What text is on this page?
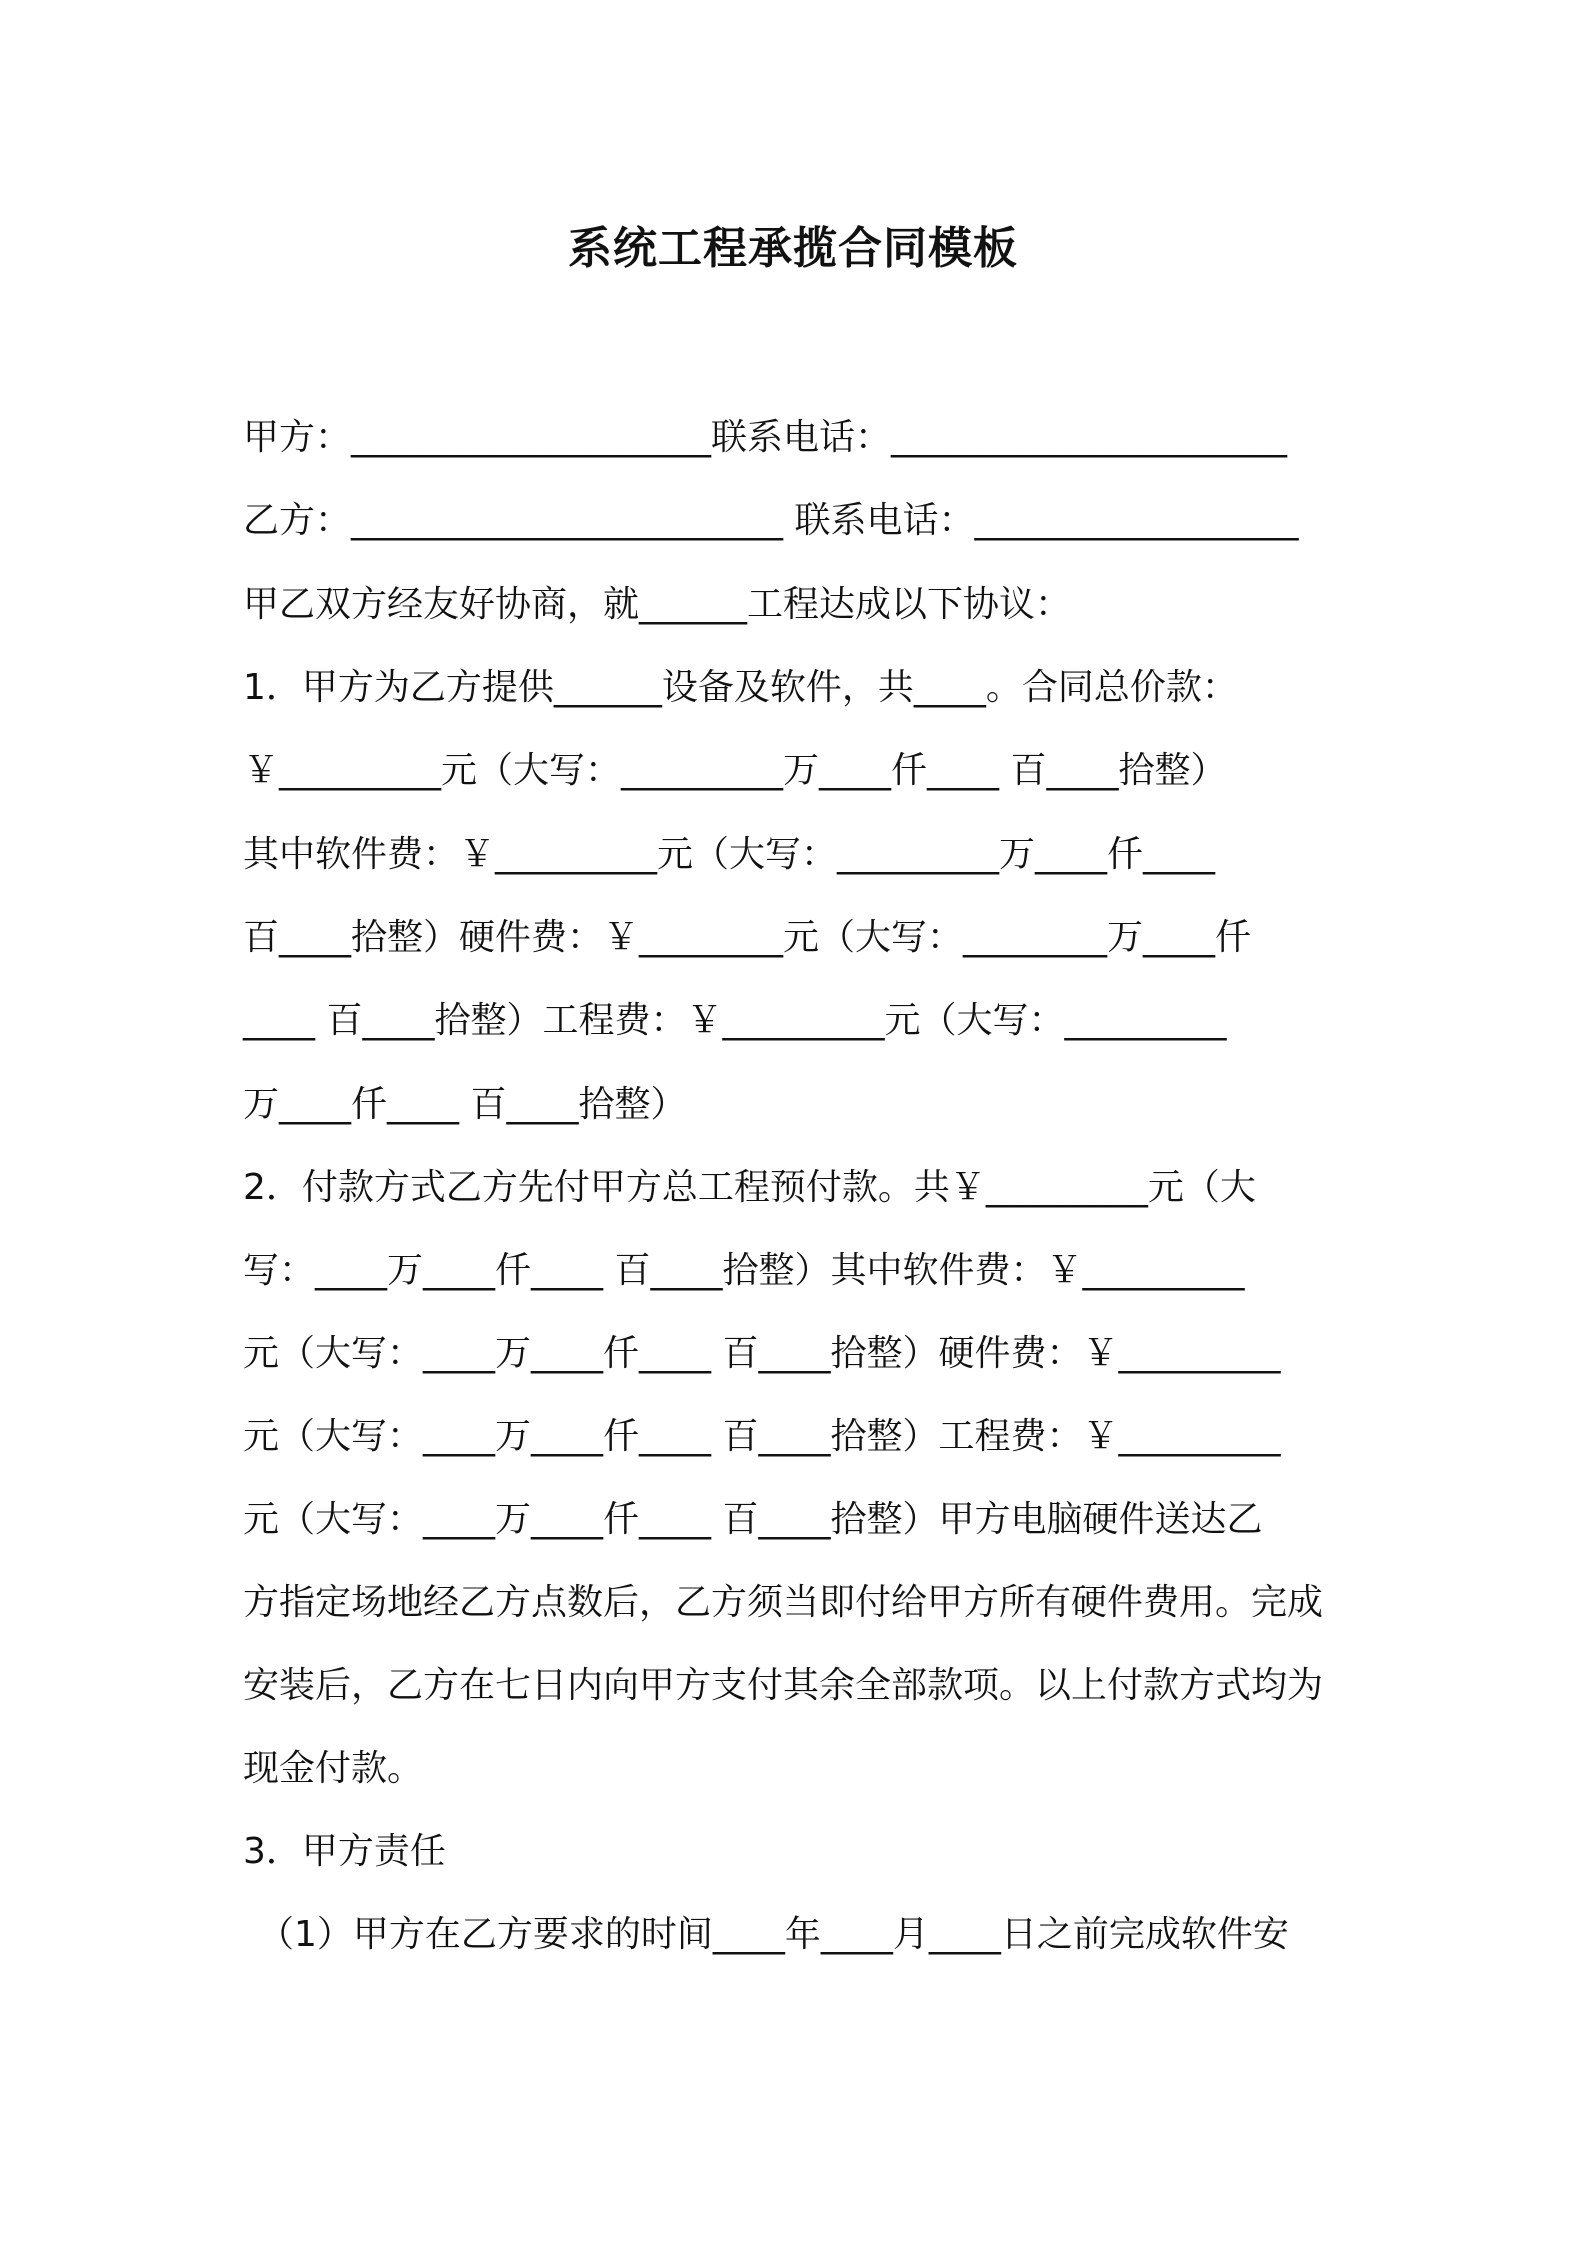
系统工程承揽合同模板
甲方：____________________联系电话：______________________
乙方：________________________ 联系电话：__________________
甲乙双方经友好协商，就______工程达成以下协议：
1．甲方为乙方提供______设备及软件，共____。合同总价款：
￥_________元（大写：_________万____仟____ 百____拾整）
其中软件费：￥_________元（大写：_________万____仟____
百____拾整）硬件费：￥________元（大写：________万____仟
____ 百____拾整）工程费：￥_________元（大写：_________
万____仟____ 百____拾整）
2．付款方式乙方先付甲方总工程预付款。共￥_________元（大
写：____万____仟____ 百____拾整）其中软件费：￥_________
元（大写：____万____仟____ 百____拾整）硬件费：￥_________
元（大写：____万____仟____ 百____拾整）工程费：￥_________
元（大写：____万____仟____ 百____拾整）甲方电脑硬件送达乙
方指定场地经乙方点数后，乙方须当即付给甲方所有硬件费用。完成
安装后，乙方在七日内向甲方支付其余全部款项。以上付款方式均为
现金付款。
3．甲方责任
（1）甲方在乙方要求的时间____年____月____日之前完成软件安
